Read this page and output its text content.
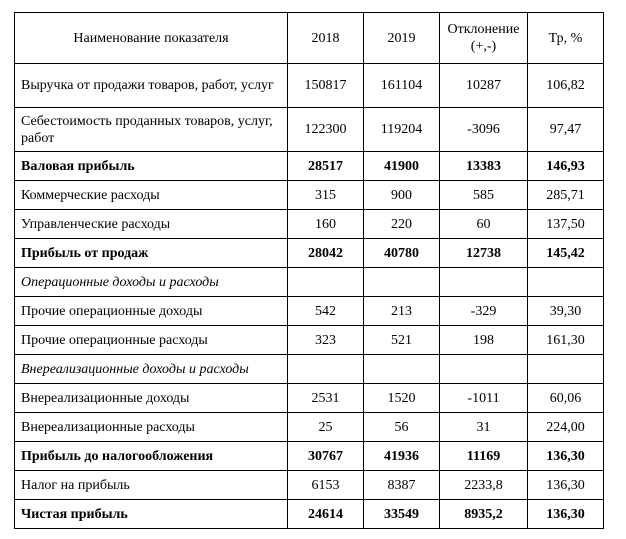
Наименование показателя	2018	2019	Отклонение (+,-)	Тр, %
Выручка от продажи товаров, работ, услуг	150817	161104	10287	106,82
Себестоимость проданных товаров, услуг, работ	122300	119204	-3096	97,47
Валовая прибыль	28517	41900	13383	146,93
Коммерческие расходы	315	900	585	285,71
Управленческие расходы	160	220	60	137,50
Прибыль от продаж	28042	40780	12738	145,42
Операционные доходы и расходы				
Прочие операционные доходы	542	213	-329	39,30
Прочие операционные расходы	323	521	198	161,30
Внереализационные доходы и расходы				
Внереализационные доходы	2531	1520	-1011	60,06
Внереализационные расходы	25	56	31	224,00
Прибыль до налогообложения	30767	41936	11169	136,30
Налог на прибыль	6153	8387	2233,8	136,30
Чистая прибыль	24614	33549	8935,2	136,30
